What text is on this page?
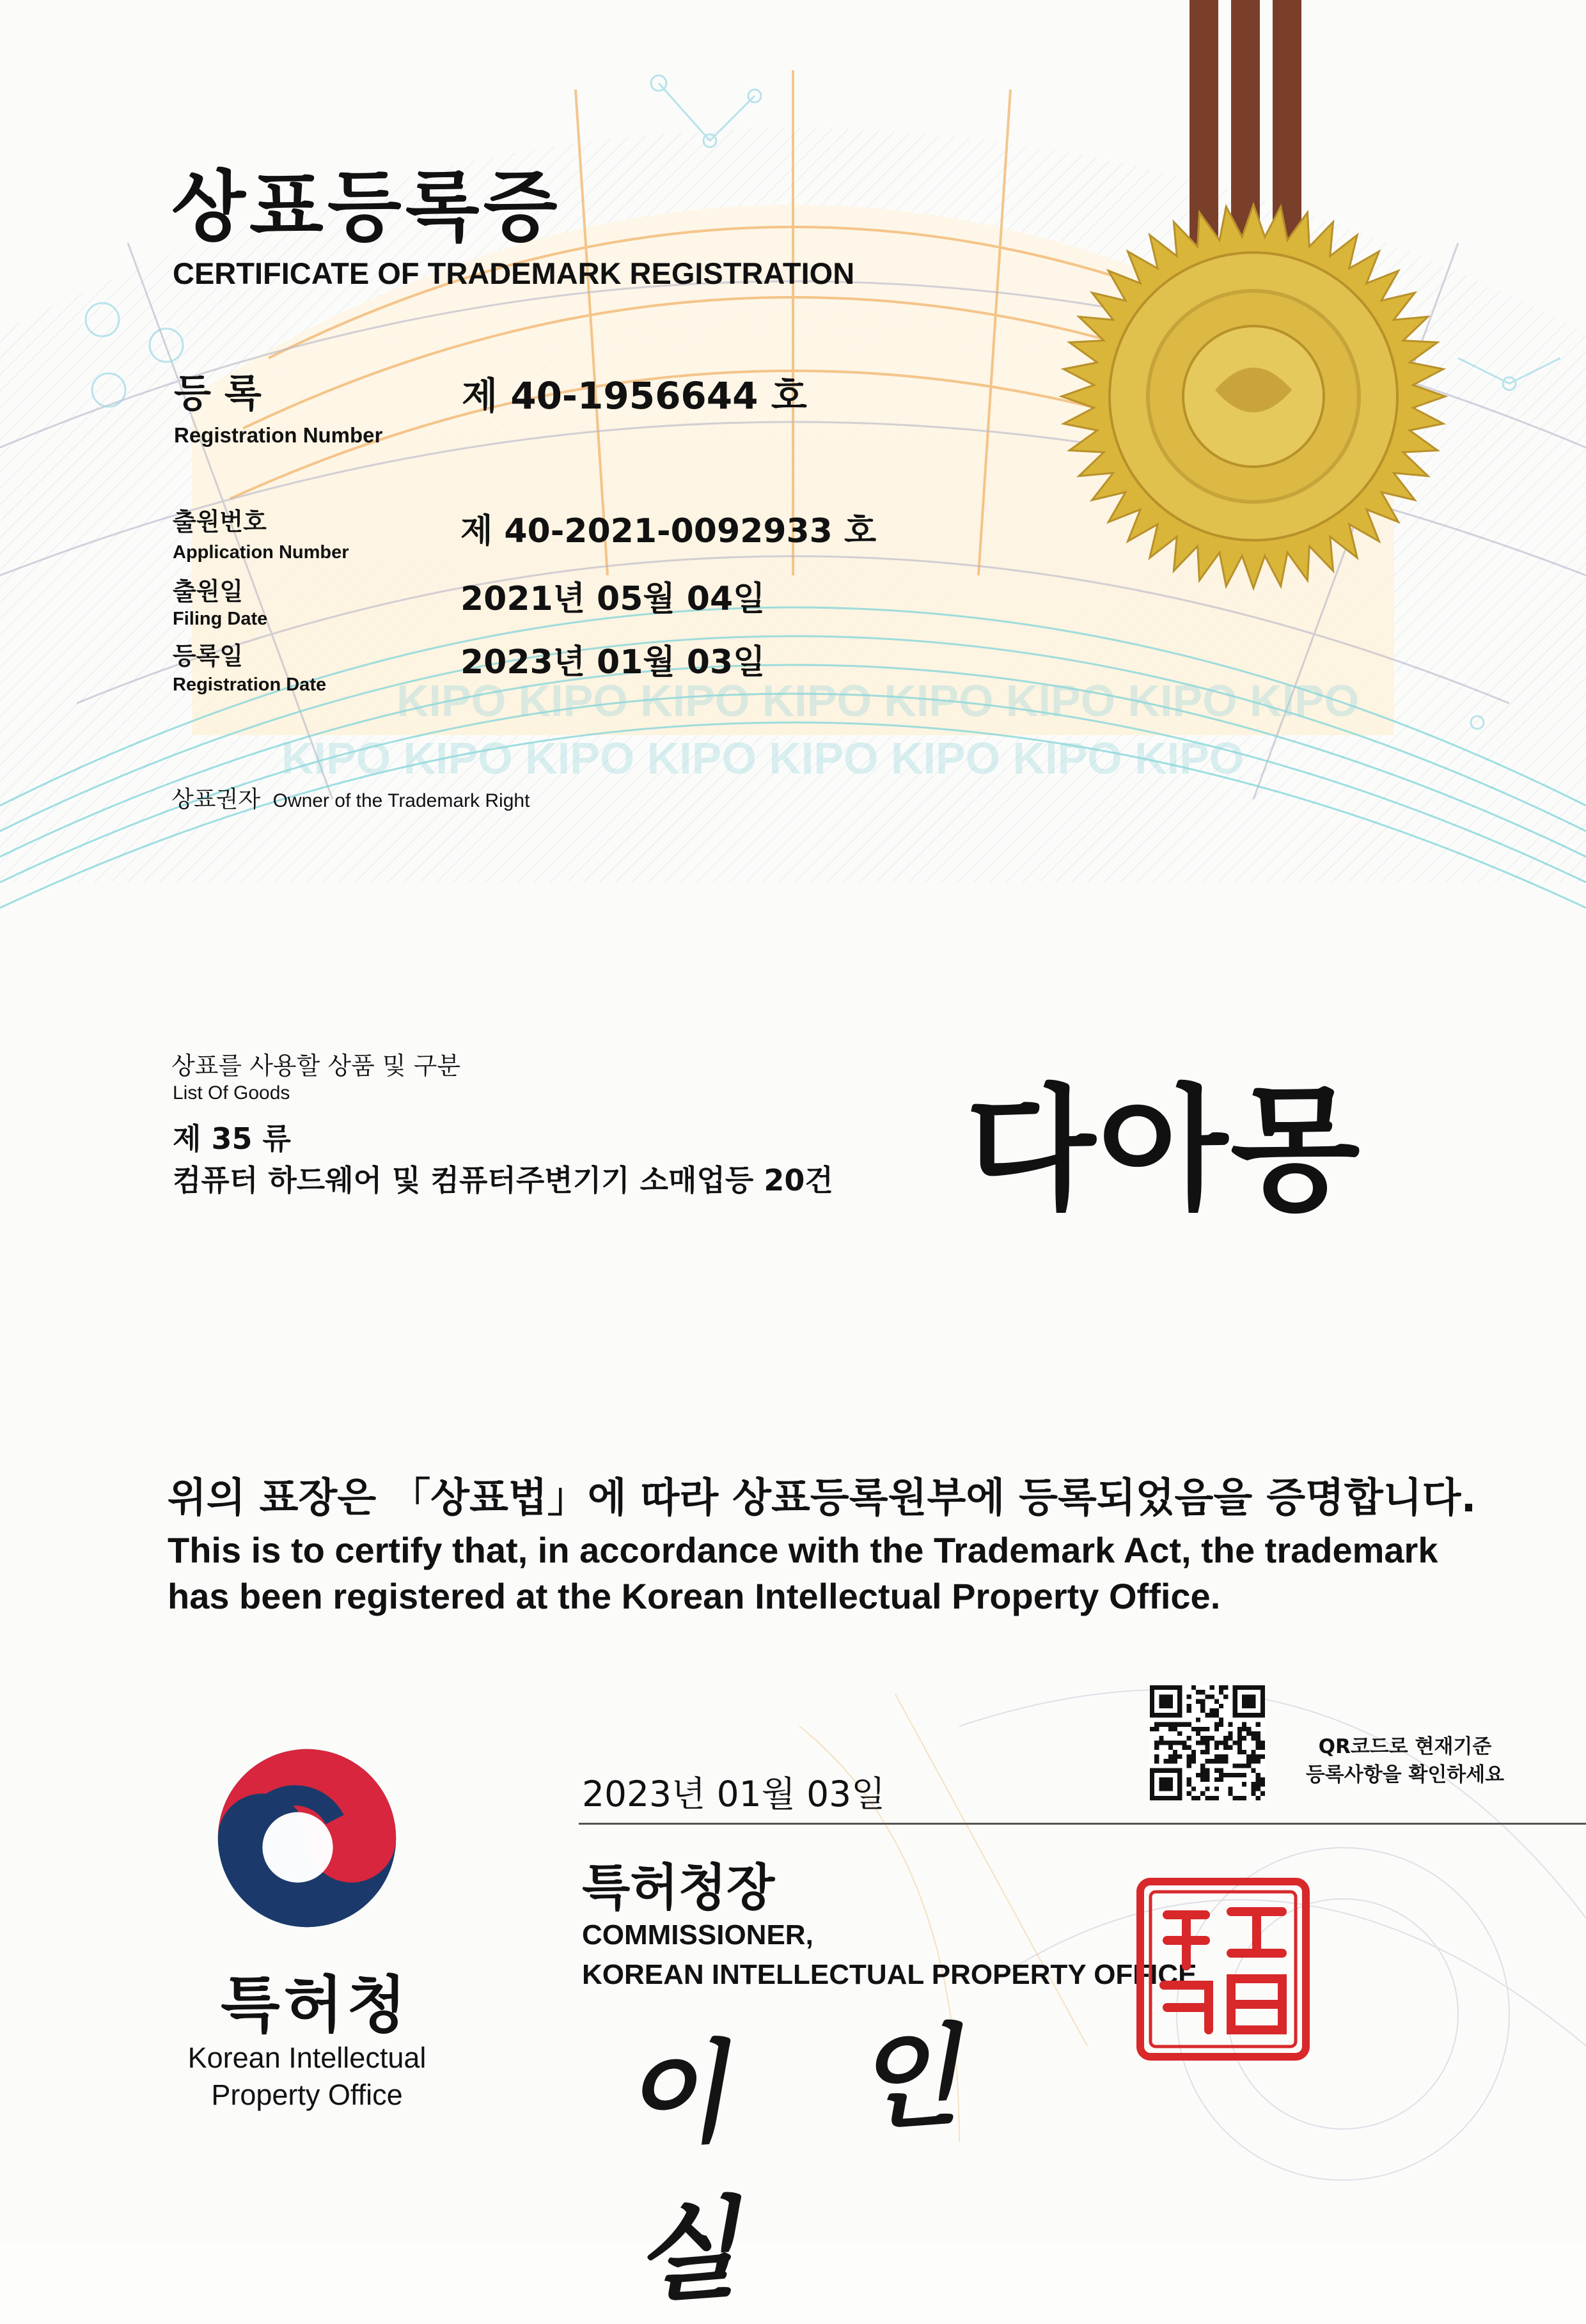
KIPO KIPO KIPO KIPO KIPO KIPO KIPO KIPO
KIPO KIPO KIPO KIPO KIPO KIPO KIPO KIPO
상표등록증
CERTIFICATE OF TRADEMARK REGISTRATION
등 록
Registration Number
제 40-1956644 호
출원번호
Application Number
제 40-2021-0092933 호
출원일
Filing Date
2021년 05월 04일
등록일
Registration Date
2023년 01월 03일
상표권자 Owner of the Trademark Right
상표를 사용할 상품 및 구분
List Of Goods
제 35 류
컴퓨터 하드웨어 및 컴퓨터주변기기 소매업등 20건 다아몽
위의 표장은 「상표법」에 따라 상표등록원부에 등록되었음을 증명합니다.
This is to certify that, in accordance with the Trademark Act, the trademark
has been registered at the Korean Intellectual Property Office.
QR코드로 현재기준
등록사항을 확인하세요
2023년 01월 03일
특허청장
COMMISSIONER,
KOREAN INTELLECTUAL PROPERTY OFFICE
이 인 실
특허청
Korean Intellectual
Property Office
